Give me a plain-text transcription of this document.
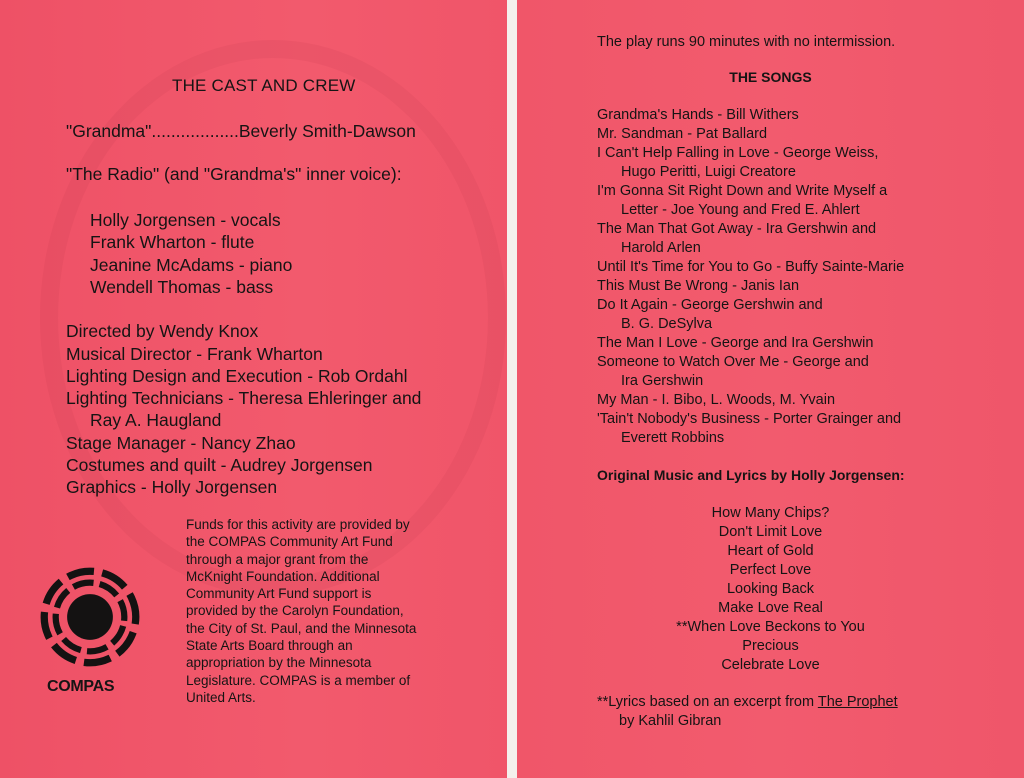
THE CAST AND CREW
"Grandma"..................Beverly Smith-Dawson
"The Radio" (and "Grandma's" inner voice):
Holly Jorgensen - vocals
Frank Wharton - flute
Jeanine McAdams - piano
Wendell Thomas - bass
Directed by Wendy Knox
Musical Director - Frank Wharton
Lighting Design and Execution - Rob Ordahl
Lighting Technicians - Theresa Ehleringer and
Ray A. Haugland
Stage Manager - Nancy Zhao
Costumes and quilt - Audrey Jorgensen
Graphics - Holly Jorgensen
COMPAS
Funds for this activity are provided by
the COMPAS Community Art Fund
through a major grant from the
McKnight Foundation. Additional
Community Art Fund support is
provided by the Carolyn Foundation,
the City of St. Paul, and the Minnesota
State Arts Board through an
appropriation by the Minnesota
Legislature. COMPAS is a member of
United Arts.
The play runs 90 minutes with no intermission.
THE SONGS
Grandma's Hands - Bill Withers
Mr. Sandman - Pat Ballard
I Can't Help Falling in Love - George Weiss,
Hugo Peritti, Luigi Creatore
I'm Gonna Sit Right Down and Write Myself a
Letter - Joe Young and Fred E. Ahlert
The Man That Got Away - Ira Gershwin and
Harold Arlen
Until It's Time for You to Go - Buffy Sainte-Marie
This Must Be Wrong - Janis Ian
Do It Again - George Gershwin and
B. G. DeSylva
The Man I Love - George and Ira Gershwin
Someone to Watch Over Me - George and
Ira Gershwin
My Man - I. Bibo, L. Woods, M. Yvain
'Tain't Nobody's Business - Porter Grainger and
Everett Robbins
Original Music and Lyrics by Holly Jorgensen:
How Many Chips?
Don't Limit Love
Heart of Gold
Perfect Love
Looking Back
Make Love Real
**When Love Beckons to You
Precious
Celebrate Love
**Lyrics based on an excerpt from The Prophet
by Kahlil Gibran
